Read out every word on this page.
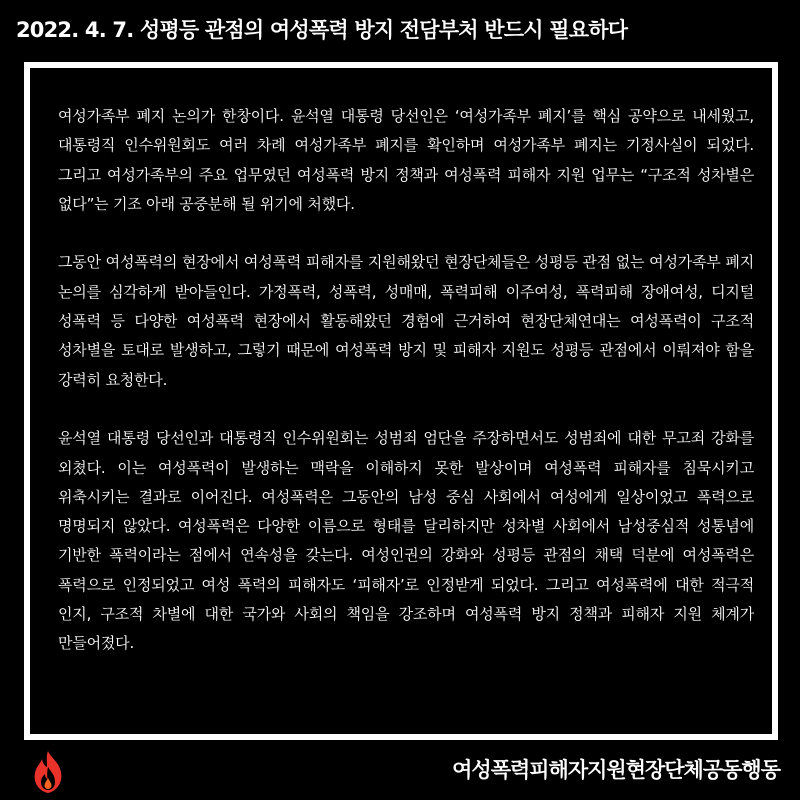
2022. 4. 7. 성평등 관점의 여성폭력 방지 전담부처 반드시 필요하다

여성가족부 폐지 논의가 한창이다. 윤석열 대통령 당선인은 ‘여성가족부 폐지’를 핵심 공약으로 내세웠고, 대통령직 인수위원회도 여러 차례 여성가족부 폐지를 확인하며 여성가족부 폐지는 기정사실이 되었다. 그리고 여성가족부의 주요 업무였던 여성폭력 방지 정책과 여성폭력 피해자 지원 업무는 “구조적 성차별은 없다”는 기조 아래 공중분해 될 위기에 처했다.

그동안 여성폭력의 현장에서 여성폭력 피해자를 지원해왔던 현장단체들은 성평등 관점 없는 여성가족부 폐지 논의를 심각하게 받아들인다. 가정폭력, 성폭력, 성매매, 폭력피해 이주여성, 폭력피해 장애여성, 디지털 성폭력 등 다양한 여성폭력 현장에서 활동해왔던 경험에 근거하여 현장단체연대는 여성폭력이 구조적 성차별을 토대로 발생하고, 그렇기 때문에 여성폭력 방지 및 피해자 지원도 성평등 관점에서 이뤄져야 함을 강력히 요청한다.

윤석열 대통령 당선인과 대통령직 인수위원회는 성범죄 엄단을 주장하면서도 성범죄에 대한 무고죄 강화를 외쳤다. 이는 여성폭력이 발생하는 맥락을 이해하지 못한 발상이며 여성폭력 피해자를 침묵시키고 위축시키는 결과로 이어진다. 여성폭력은 그동안의 남성 중심 사회에서 여성에게 일상이었고 폭력으로 명명되지 않았다. 여성폭력은 다양한 이름으로 형태를 달리하지만 성차별 사회에서 남성중심적 성통념에 기반한 폭력이라는 점에서 연속성을 갖는다. 여성인권의 강화와 성평등 관점의 채택 덕분에 여성폭력은 폭력으로 인정되었고 여성 폭력의 피해자도 ‘피해자’로 인정받게 되었다. 그리고 여성폭력에 대한 적극적 인지, 구조적 차별에 대한 국가와 사회의 책임을 강조하며 여성폭력 방지 정책과 피해자 지원 체계가 만들어졌다.

여성폭력피해자지원현장단체공동행동
